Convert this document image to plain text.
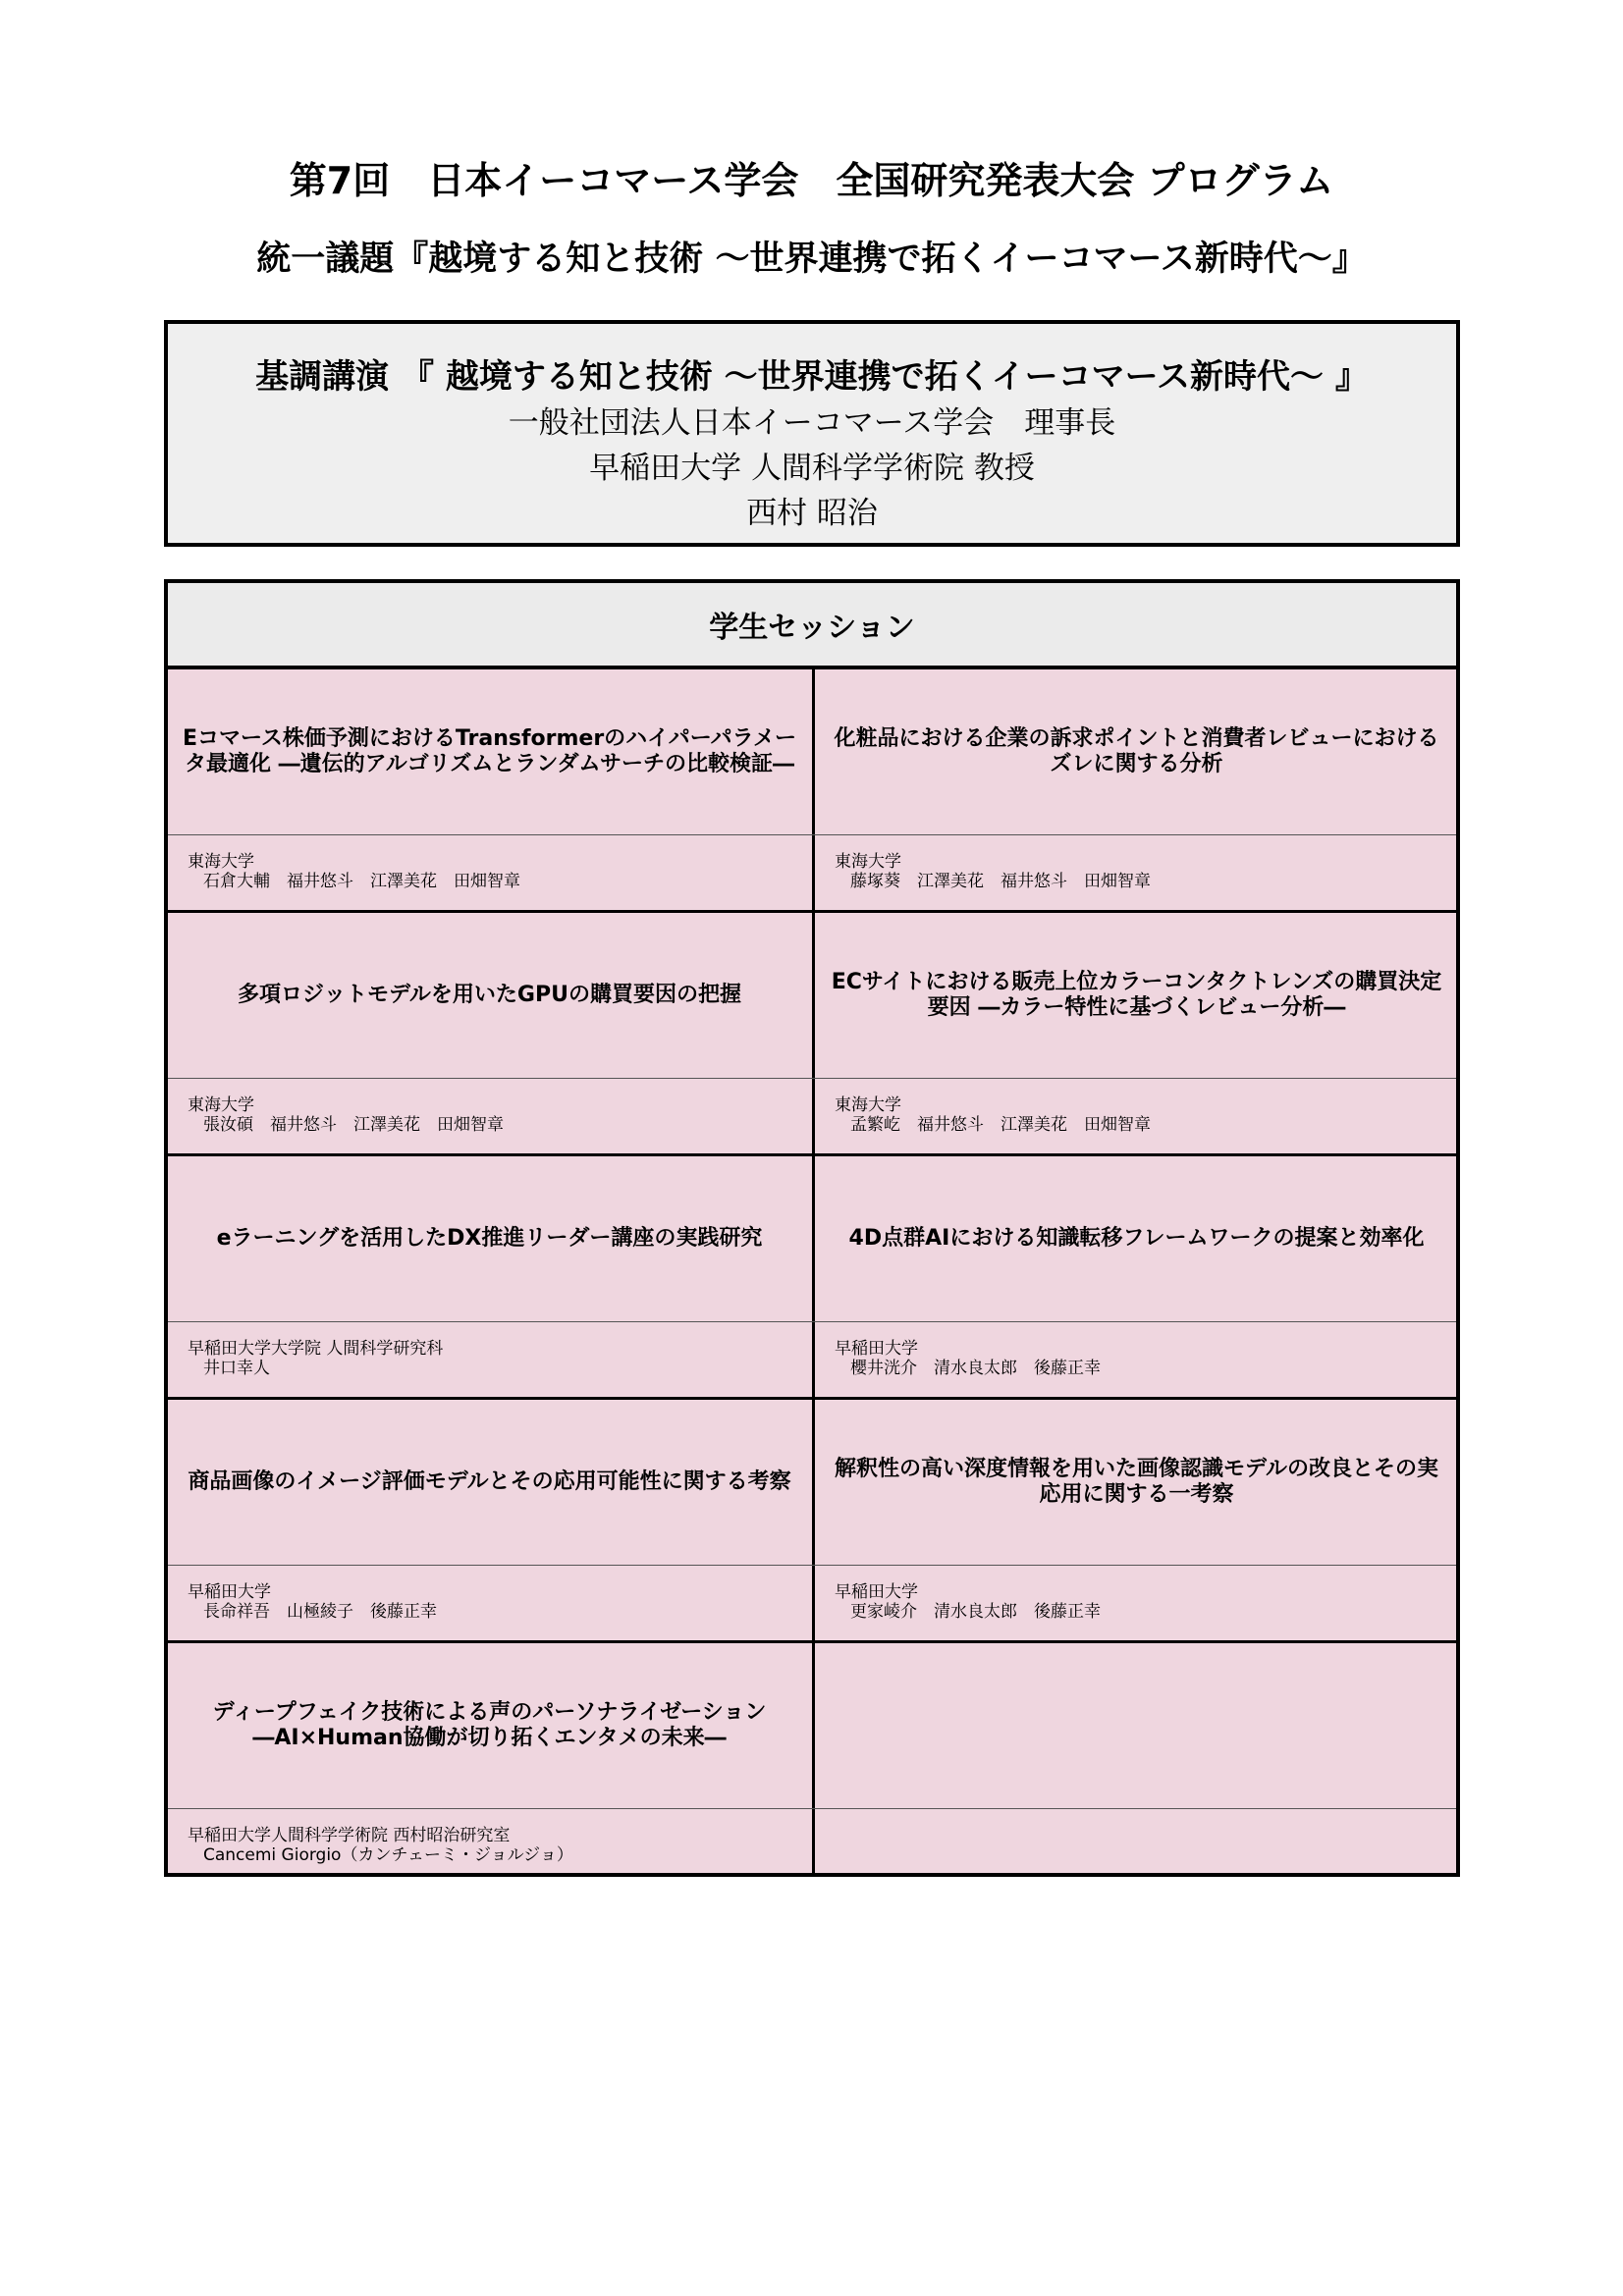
第7回　日本イーコマース学会　全国研究発表大会 プログラム
統一議題『越境する知と技術 ～世界連携で拓くイーコマース新時代～』
基調講演 『 越境する知と技術 ～世界連携で拓くイーコマース新時代～ 』
一般社団法人日本イーコマース学会　理事長
早稲田大学 人間科学学術院 教授
西村 昭治
学生セッション
Eコマース株価予測におけるTransformerのハイパーパラメータ最適化 ―遺伝的アルゴリズムとランダムサーチの比較検証―
東海大学
石倉大輔　福井悠斗　江澤美花　田畑智章
化粧品における企業の訴求ポイントと消費者レビューにおけるズレに関する分析
東海大学
藤塚葵　江澤美花　福井悠斗　田畑智章
多項ロジットモデルを用いたGPUの購買要因の把握
東海大学
張汝碩　福井悠斗　江澤美花　田畑智章
ECサイトにおける販売上位カラーコンタクトレンズの購買決定要因 ―カラー特性に基づくレビュー分析―
東海大学
孟繁屹　福井悠斗　江澤美花　田畑智章
eラーニングを活用したDX推進リーダー講座の実践研究
早稲田大学大学院 人間科学研究科
井口幸人
4D点群AIにおける知識転移フレームワークの提案と効率化
早稲田大学
櫻井洸介　清水良太郎　後藤正幸
商品画像のイメージ評価モデルとその応用可能性に関する考察
早稲田大学
長命祥吾　山極綾子　後藤正幸
解釈性の高い深度情報を用いた画像認識モデルの改良とその実応用に関する一考察
早稲田大学
更家崚介　清水良太郎　後藤正幸
ディープフェイク技術による声のパーソナライゼーション ―AI×Human協働が切り拓くエンタメの未来―
早稲田大学人間科学学術院 西村昭治研究室
Cancemi Giorgio（カンチェーミ・ジョルジョ）
